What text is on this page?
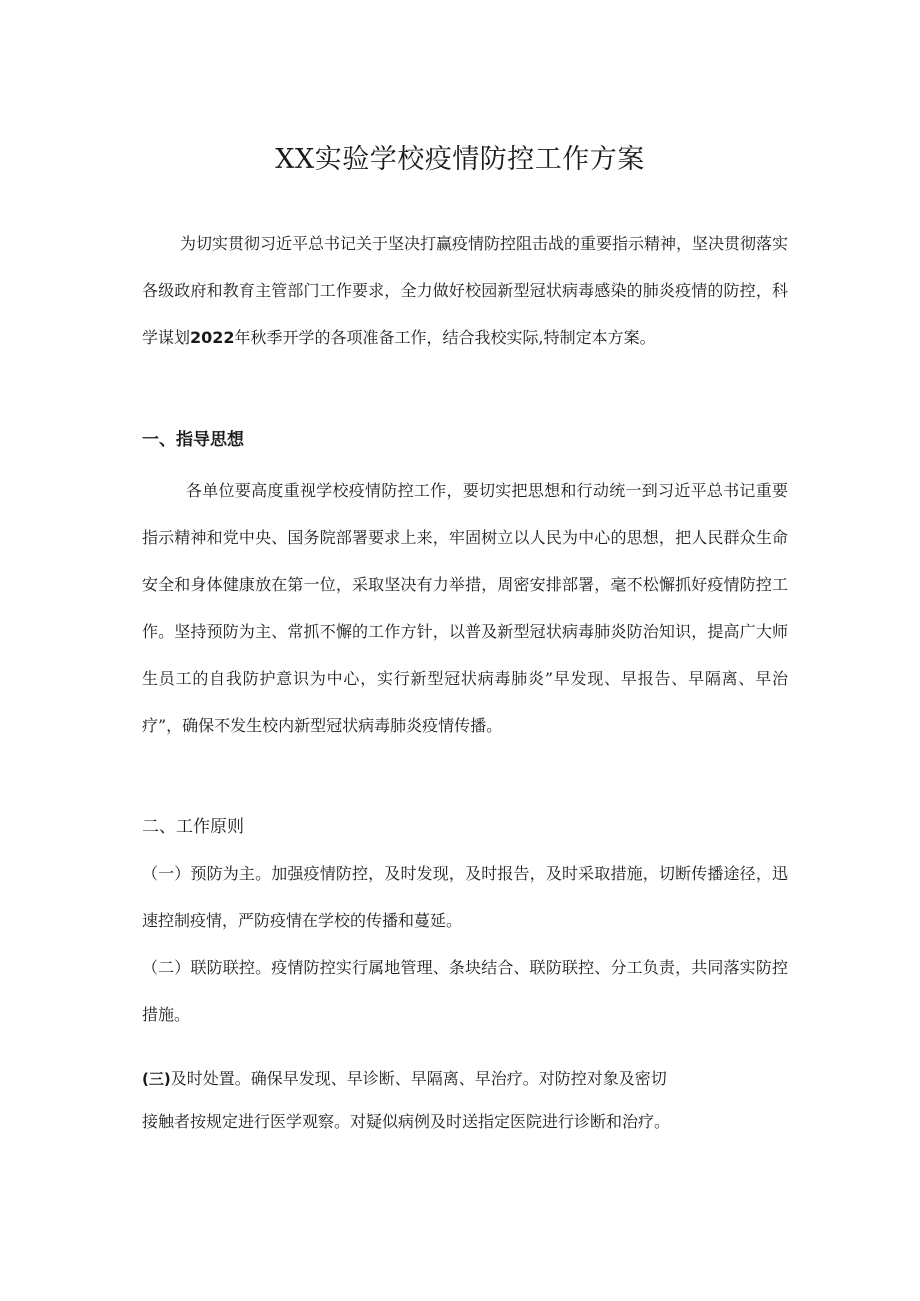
XX实验学校疫情防控工作方案

为切实贯彻习近平总书记关于坚决打赢疫情防控阻击战的重要指示精神，坚决贯彻落实各级政府和教育主管部门工作要求，全力做好校园新型冠状病毒感染的肺炎疫情的防控，科学谋划2022年秋季开学的各项准备工作，结合我校实际,特制定本方案。

一、指导思想

各单位要高度重视学校疫情防控工作，要切实把思想和行动统一到习近平总书记重要指示精神和党中央、国务院部署要求上来，牢固树立以人民为中心的思想，把人民群众生命安全和身体健康放在第一位，采取坚决有力举措，周密安排部署，毫不松懈抓好疫情防控工作。坚持预防为主、常抓不懈的工作方针，以普及新型冠状病毒肺炎防治知识，提高广大师生员工的自我防护意识为中心，实行新型冠状病毒肺炎”早发现、早报告、早隔离、早治疗”，确保不发生校内新型冠状病毒肺炎疫情传播。

二、工作原则

（一）预防为主。加强疫情防控，及时发现，及时报告，及时采取措施，切断传播途径，迅速控制疫情，严防疫情在学校的传播和蔓延。

（二）联防联控。疫情防控实行属地管理、条块结合、联防联控、分工负责，共同落实防控措施。

(三)及时处置。确保早发现、早诊断、早隔离、早治疗。对防控对象及密切
接触者按规定进行医学观察。对疑似病例及时送指定医院进行诊断和治疗。
